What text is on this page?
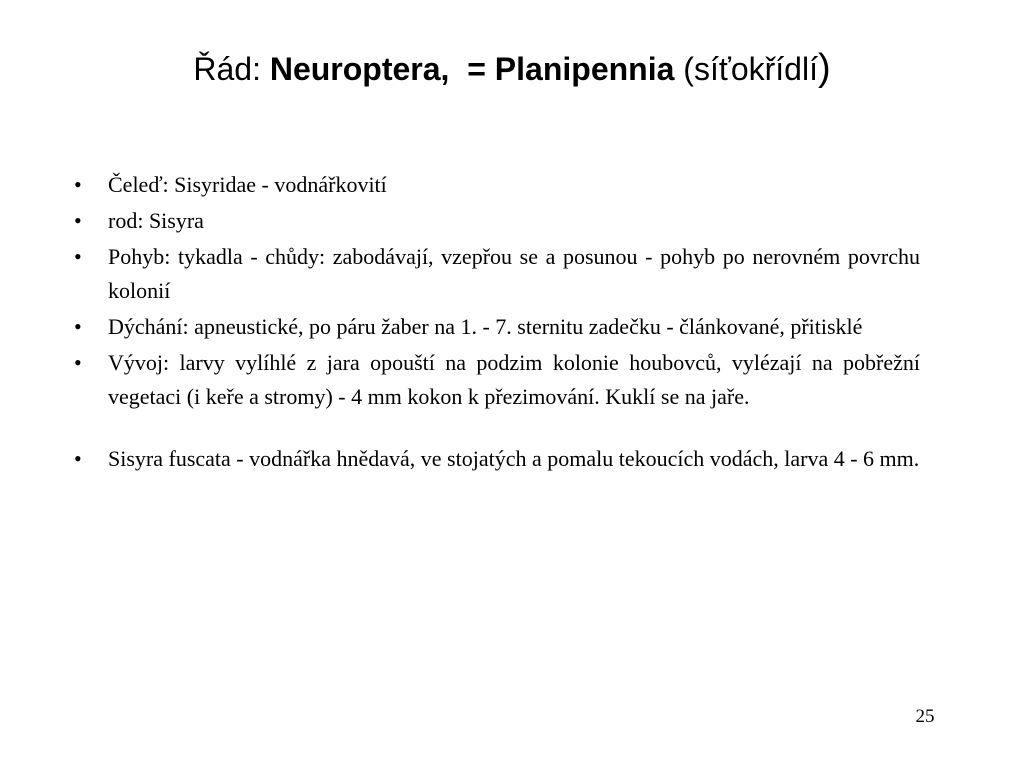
Řád: Neuroptera,  = Planipennia (síťokřídlí)
•	Čeleď: Sisyridae - vodnářkovití
•	rod: Sisyra
•	Pohyb: tykadla - chůdy: zabodávají, vzepřou se a posunou - pohyb po nerovném povrchu kolonií
•	Dýchání: apneustické, po páru žaber na 1. - 7. sternitu zadečku - článkované, přitisklé
•	Vývoj: larvy vylíhlé z jara opouští na podzim kolonie houbovců, vylézají na pobřežní vegetaci (i keře a stromy) - 4 mm kokon k přezimování. Kuklí se na jaře.
•	Sisyra fuscata - vodnářka hnědavá, ve stojatých a pomalu tekoucích vodách, larva 4 - 6 mm.
25
